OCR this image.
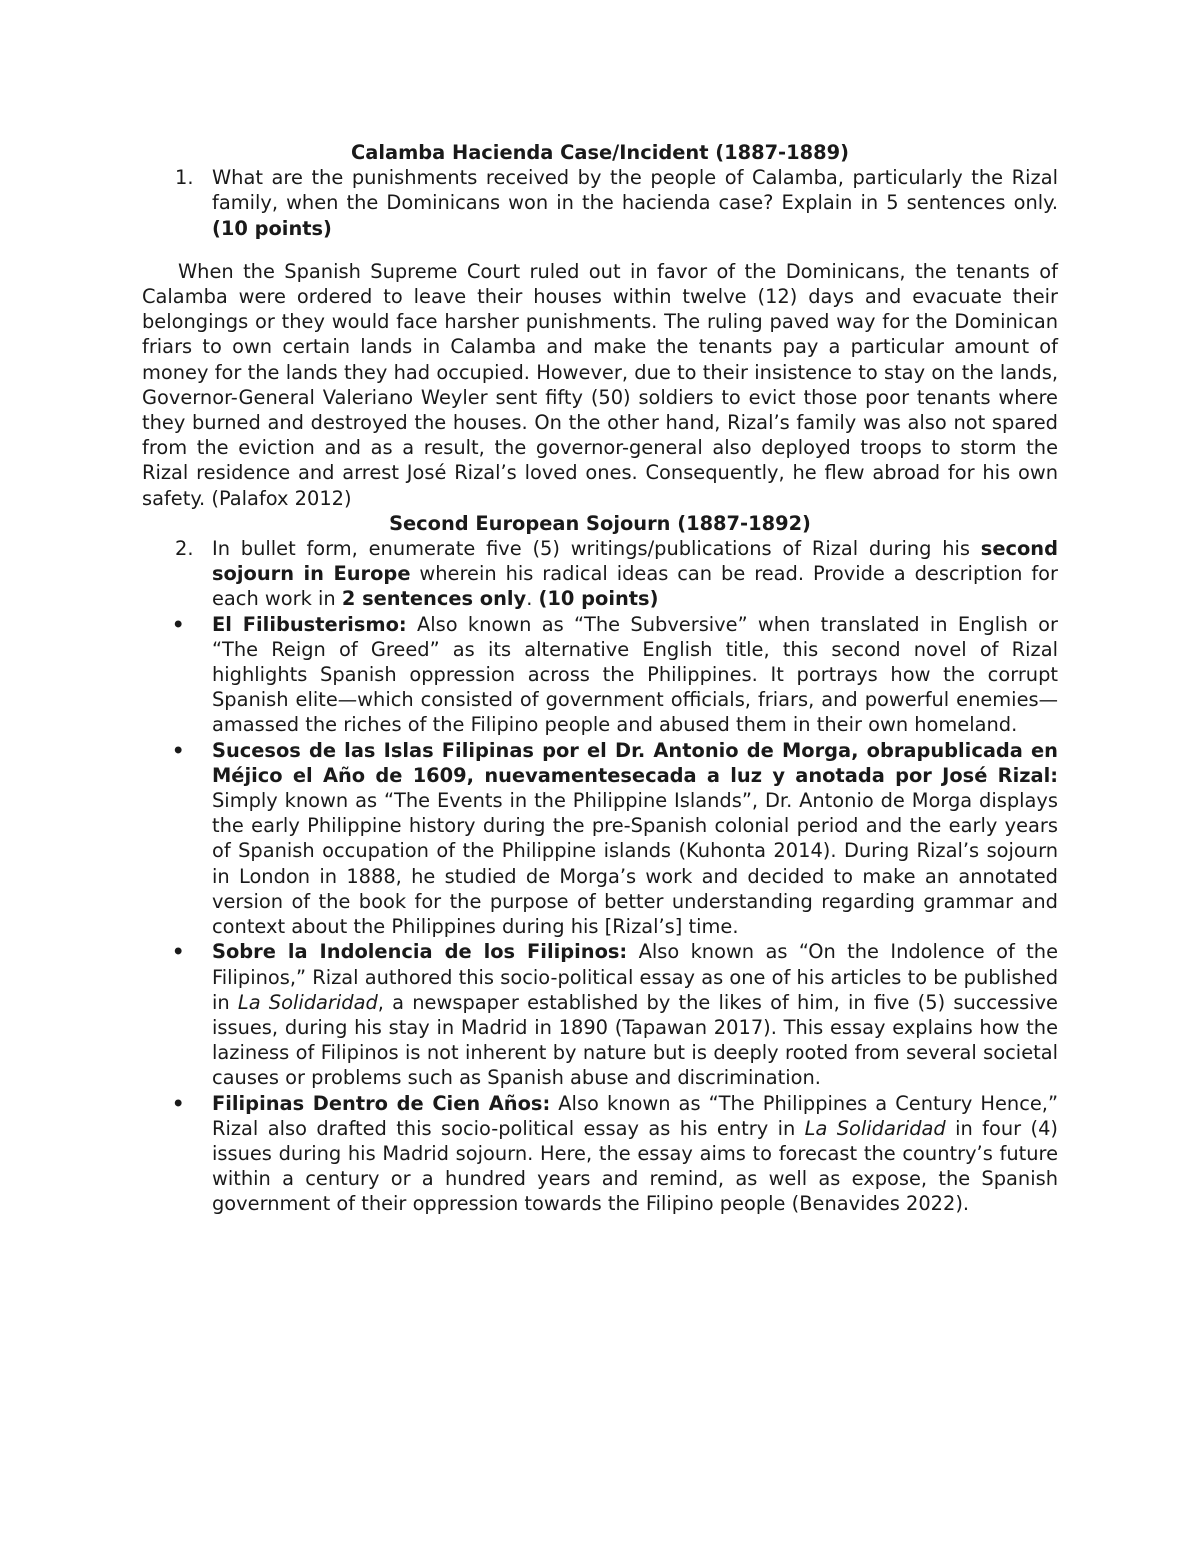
Calamba Hacienda Case/Incident (1887-1889)
1. What are the punishments received by the people of Calamba, particularly the Rizal family, when the Dominicans won in the hacienda case? Explain in 5 sentences only. (10 points)

When the Spanish Supreme Court ruled out in favor of the Dominicans, the tenants of Calamba were ordered to leave their houses within twelve (12) days and evacuate their belongings or they would face harsher punishments. The ruling paved way for the Dominican friars to own certain lands in Calamba and make the tenants pay a particular amount of money for the lands they had occupied. However, due to their insistence to stay on the lands, Governor-General Valeriano Weyler sent fifty (50) soldiers to evict those poor tenants where they burned and destroyed the houses. On the other hand, Rizal’s family was also not spared from the eviction and as a result, the governor-general also deployed troops to storm the Rizal residence and arrest José Rizal’s loved ones. Consequently, he flew abroad for his own safety. (Palafox 2012)

Second European Sojourn (1887-1892)
2. In bullet form, enumerate five (5) writings/publications of Rizal during his second sojourn in Europe wherein his radical ideas can be read. Provide a description for each work in 2 sentences only. (10 points)
• El Filibusterismo: Also known as “The Subversive” when translated in English or “The Reign of Greed” as its alternative English title, this second novel of Rizal highlights Spanish oppression across the Philippines. It portrays how the corrupt Spanish elite—which consisted of government officials, friars, and powerful enemies—amassed the riches of the Filipino people and abused them in their own homeland.
• Sucesos de las Islas Filipinas por el Dr. Antonio de Morga, obrapublicada en Méjico el Año de 1609, nuevamentesecada a luz y anotada por José Rizal: Simply known as “The Events in the Philippine Islands”, Dr. Antonio de Morga displays the early Philippine history during the pre-Spanish colonial period and the early years of Spanish occupation of the Philippine islands (Kuhonta 2014). During Rizal’s sojourn in London in 1888, he studied de Morga’s work and decided to make an annotated version of the book for the purpose of better understanding regarding grammar and context about the Philippines during his [Rizal’s] time.
• Sobre la Indolencia de los Filipinos: Also known as “On the Indolence of the Filipinos,” Rizal authored this socio-political essay as one of his articles to be published in La Solidaridad, a newspaper established by the likes of him, in five (5) successive issues, during his stay in Madrid in 1890 (Tapawan 2017). This essay explains how the laziness of Filipinos is not inherent by nature but is deeply rooted from several societal causes or problems such as Spanish abuse and discrimination.
• Filipinas Dentro de Cien Años: Also known as “The Philippines a Century Hence,” Rizal also drafted this socio-political essay as his entry in La Solidaridad in four (4) issues during his Madrid sojourn. Here, the essay aims to forecast the country’s future within a century or a hundred years and remind, as well as expose, the Spanish government of their oppression towards the Filipino people (Benavides 2022).
